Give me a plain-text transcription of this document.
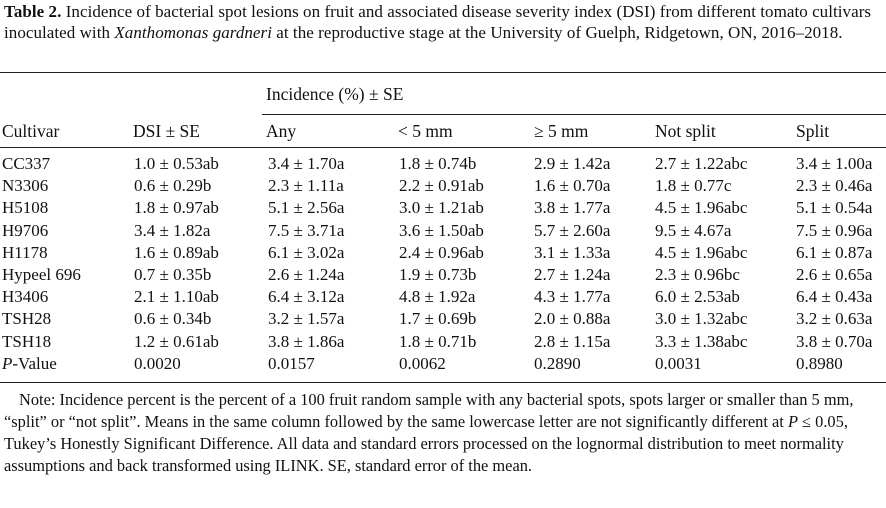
Table 2. Incidence of bacterial spot lesions on fruit and associated disease severity index (DSI) from different tomato cultivars inoculated with Xanthomonas gardneri at the reproductive stage at the University of Guelph, Ridgetown, ON, 2016–2018.
Incidence (%) ± SE
Cultivar	DSI ± SE	Any	< 5 mm	≥ 5 mm	Not split	Split
CC337	1.0 ± 0.53ab	3.4 ± 1.70a	1.8 ± 0.74b	2.9 ± 1.42a	2.7 ± 1.22abc	3.4 ± 1.00a
N3306	0.6 ± 0.29b	2.3 ± 1.11a	2.2 ± 0.91ab	1.6 ± 0.70a	1.8 ± 0.77c	2.3 ± 0.46a
H5108	1.8 ± 0.97ab	5.1 ± 2.56a	3.0 ± 1.21ab	3.8 ± 1.77a	4.5 ± 1.96abc	5.1 ± 0.54a
H9706	3.4 ± 1.82a	7.5 ± 3.71a	3.6 ± 1.50ab	5.7 ± 2.60a	9.5 ± 4.67a	7.5 ± 0.96a
H1178	1.6 ± 0.89ab	6.1 ± 3.02a	2.4 ± 0.96ab	3.1 ± 1.33a	4.5 ± 1.96abc	6.1 ± 0.87a
Hypeel 696	0.7 ± 0.35b	2.6 ± 1.24a	1.9 ± 0.73b	2.7 ± 1.24a	2.3 ± 0.96bc	2.6 ± 0.65a
H3406	2.1 ± 1.10ab	6.4 ± 3.12a	4.8 ± 1.92a	4.3 ± 1.77a	6.0 ± 2.53ab	6.4 ± 0.43a
TSH28	0.6 ± 0.34b	3.2 ± 1.57a	1.7 ± 0.69b	2.0 ± 0.88a	3.0 ± 1.32abc	3.2 ± 0.63a
TSH18	1.2 ± 0.61ab	3.8 ± 1.86a	1.8 ± 0.71b	2.8 ± 1.15a	3.3 ± 1.38abc	3.8 ± 0.70a
P-Value	0.0020	0.0157	0.0062	0.2890	0.0031	0.8980
Note: Incidence percent is the percent of a 100 fruit random sample with any bacterial spots, spots larger or smaller than 5 mm, “split” or “not split”. Means in the same column followed by the same lowercase letter are not significantly different at P ≤ 0.05, Tukey’s Honestly Significant Difference. All data and standard errors processed on the lognormal distribution to meet normality assumptions and back transformed using ILINK. SE, standard error of the mean.
